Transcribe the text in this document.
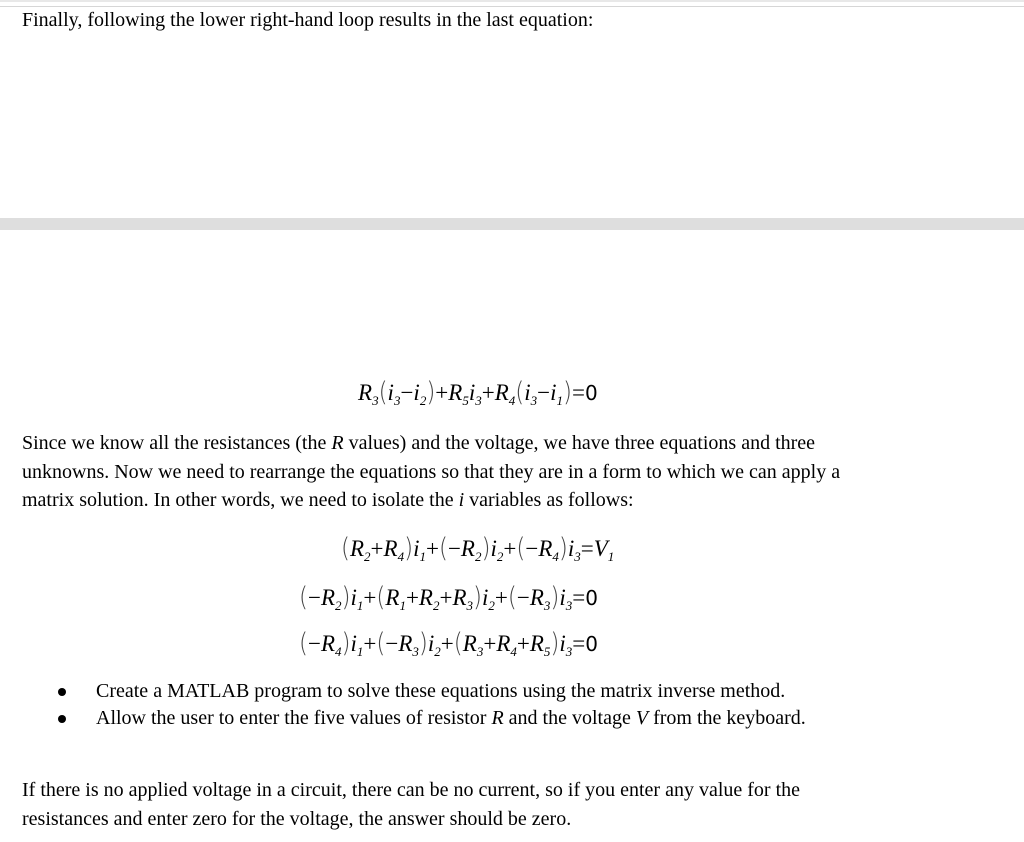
Finally, following the lower right-hand loop results in the last equation:
$R_3(i_3-i_2)+R_5i_3+R_4(i_3-i_1)=0$
Since we know all the resistances (the R values) and the voltage, we have three equations and three
unknowns. Now we need to rearrange the equations so that they are in a form to which we can apply a
matrix solution. In other words, we need to isolate the i variables as follows:
$(R_2+R_4)i_1+(-R_2)i_2+(-R_4)i_3=V_1$
$(-R_2)i_1+(R_1+R_2+R_3)i_2+(-R_3)i_3=0$
$(-R_4)i_1+(-R_3)i_2+(R_3+R_4+R_5)i_3=0$
Create a MATLAB program to solve these equations using the matrix inverse method.
Allow the user to enter the five values of resistor R and the voltage V from the keyboard.
If there is no applied voltage in a circuit, there can be no current, so if you enter any value for the
resistances and enter zero for the voltage, the answer should be zero.
